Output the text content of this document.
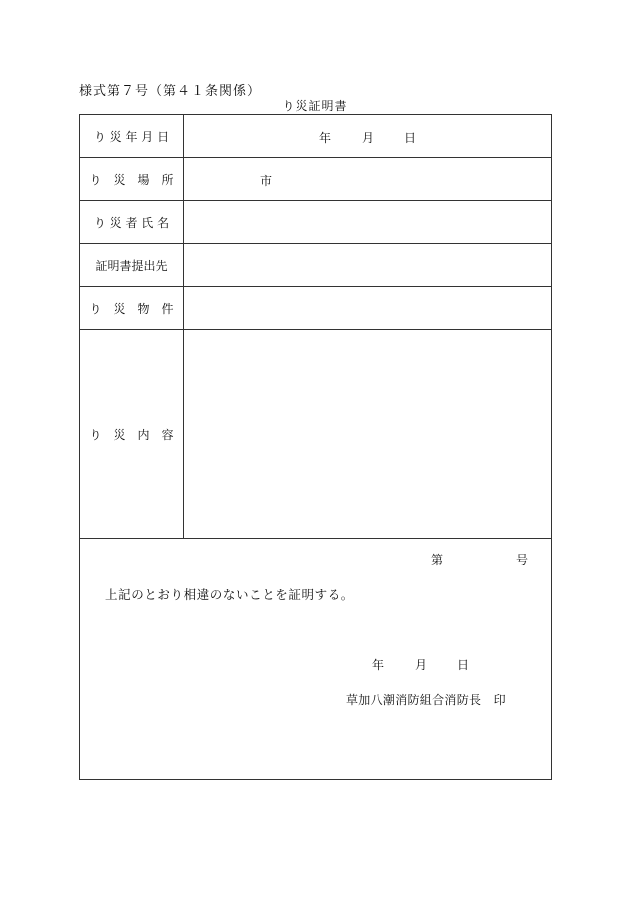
様式第７号（第４１条関係）
り災証明書
り 災 年 月 日	年	月 日
り　災　場　所	市
り 災 者 氏 名
証明書提出先
り　災　物　件
り　災　内　容
第	号
上記のとおり相違のないことを証明する。
年	月 日
草加八潮消防組合消防長　印
